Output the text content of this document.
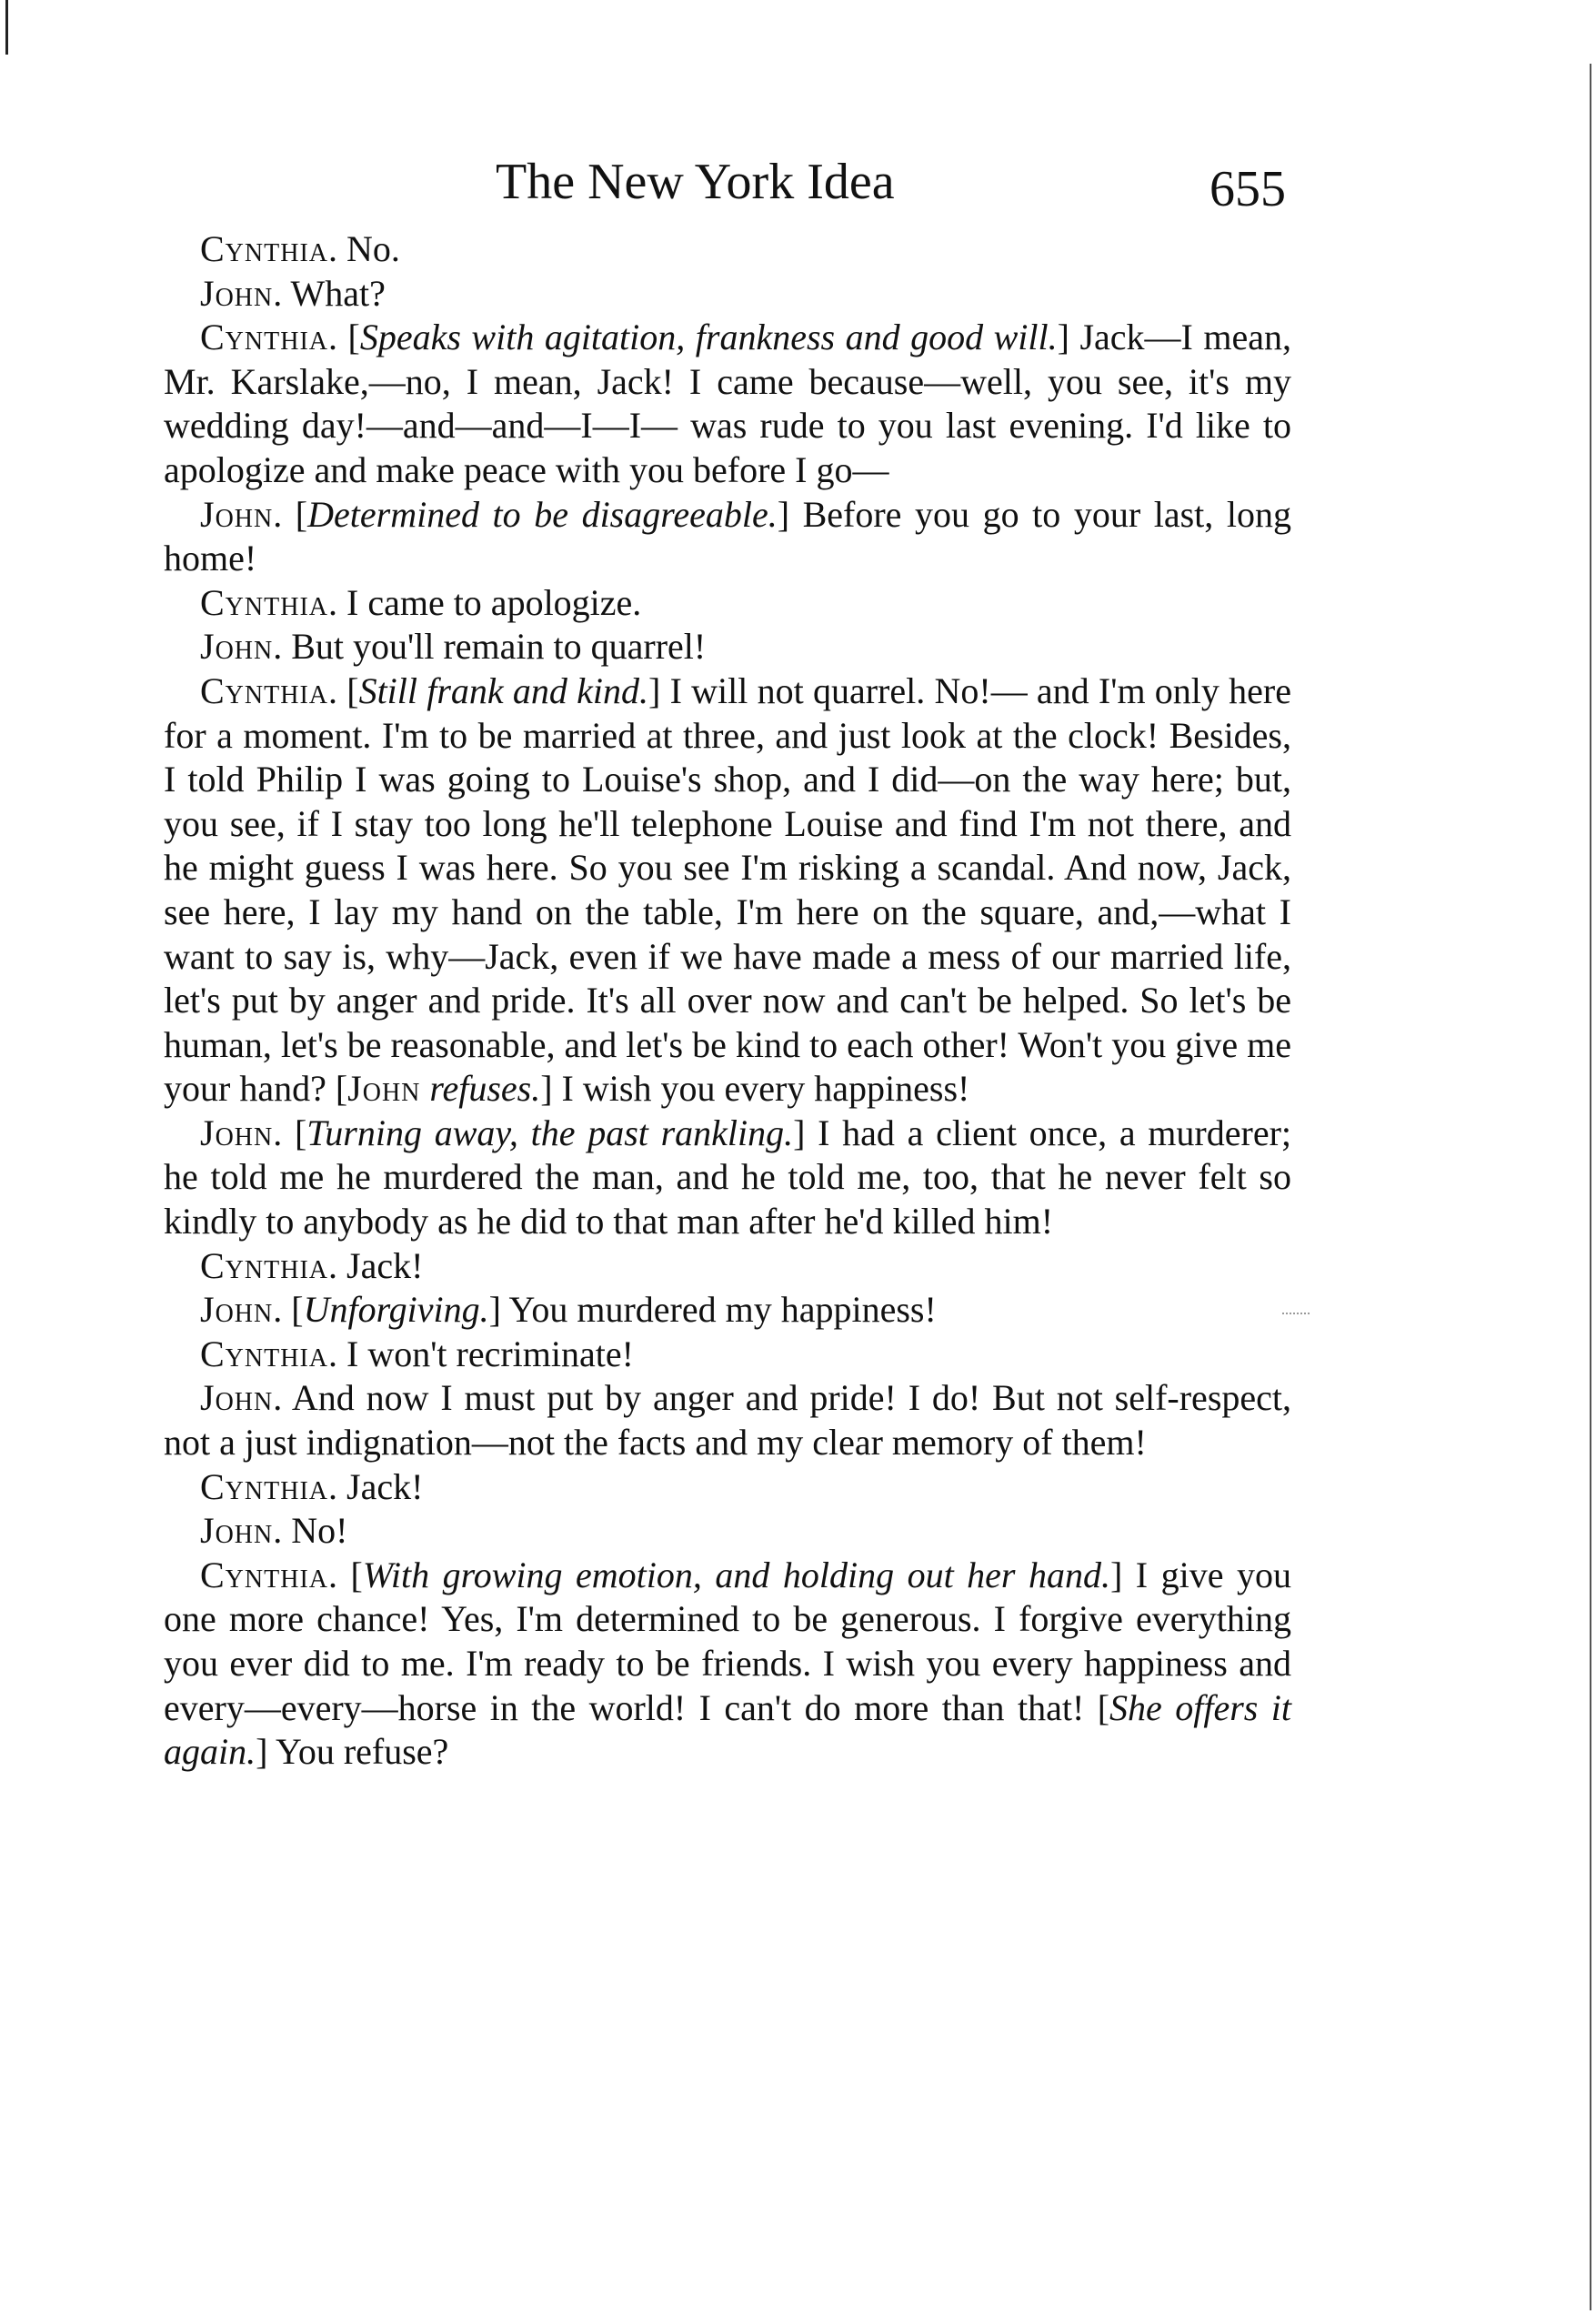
The New York Idea	655

Cynthia. No.

John. What?

Cynthia. [Speaks with agitation, frankness and good will.] Jack—I mean, Mr. Karslake,—no, I mean, Jack! I came because—well, you see, it's my wedding day!—and—and—I—I— was rude to you last evening. I'd like to apologize and make peace with you before I go—

John. [Determined to be disagreeable.] Before you go to your last, long home!

Cynthia. I came to apologize.

John. But you'll remain to quarrel!

Cynthia. [Still frank and kind.] I will not quarrel. No!— and I'm only here for a moment. I'm to be married at three, and just look at the clock! Besides, I told Philip I was going to Louise's shop, and I did—on the way here; but, you see, if I stay too long he'll telephone Louise and find I'm not there, and he might guess I was here. So you see I'm risking a scandal. And now, Jack, see here, I lay my hand on the table, I'm here on the square, and,—what I want to say is, why—Jack, even if we have made a mess of our married life, let's put by anger and pride. It's all over now and can't be helped. So let's be human, let's be reasonable, and let's be kind to each other! Won't you give me your hand? [John refuses.] I wish you every happiness!

John. [Turning away, the past rankling.] I had a client once, a murderer; he told me he murdered the man, and he told me, too, that he never felt so kindly to anybody as he did to that man after he'd killed him!

Cynthia. Jack!

John. [Unforgiving.] You murdered my happiness!

Cynthia. I won't recriminate!

John. And now I must put by anger and pride! I do! But not self-respect, not a just indignation—not the facts and my clear memory of them!

Cynthia. Jack!

John. No!

Cynthia. [With growing emotion, and holding out her hand.] I give you one more chance! Yes, I'm determined to be generous. I forgive everything you ever did to me. I'm ready to be friends. I wish you every happiness and every—every—horse in the world! I can't do more than that! [She offers it again.] You refuse?
